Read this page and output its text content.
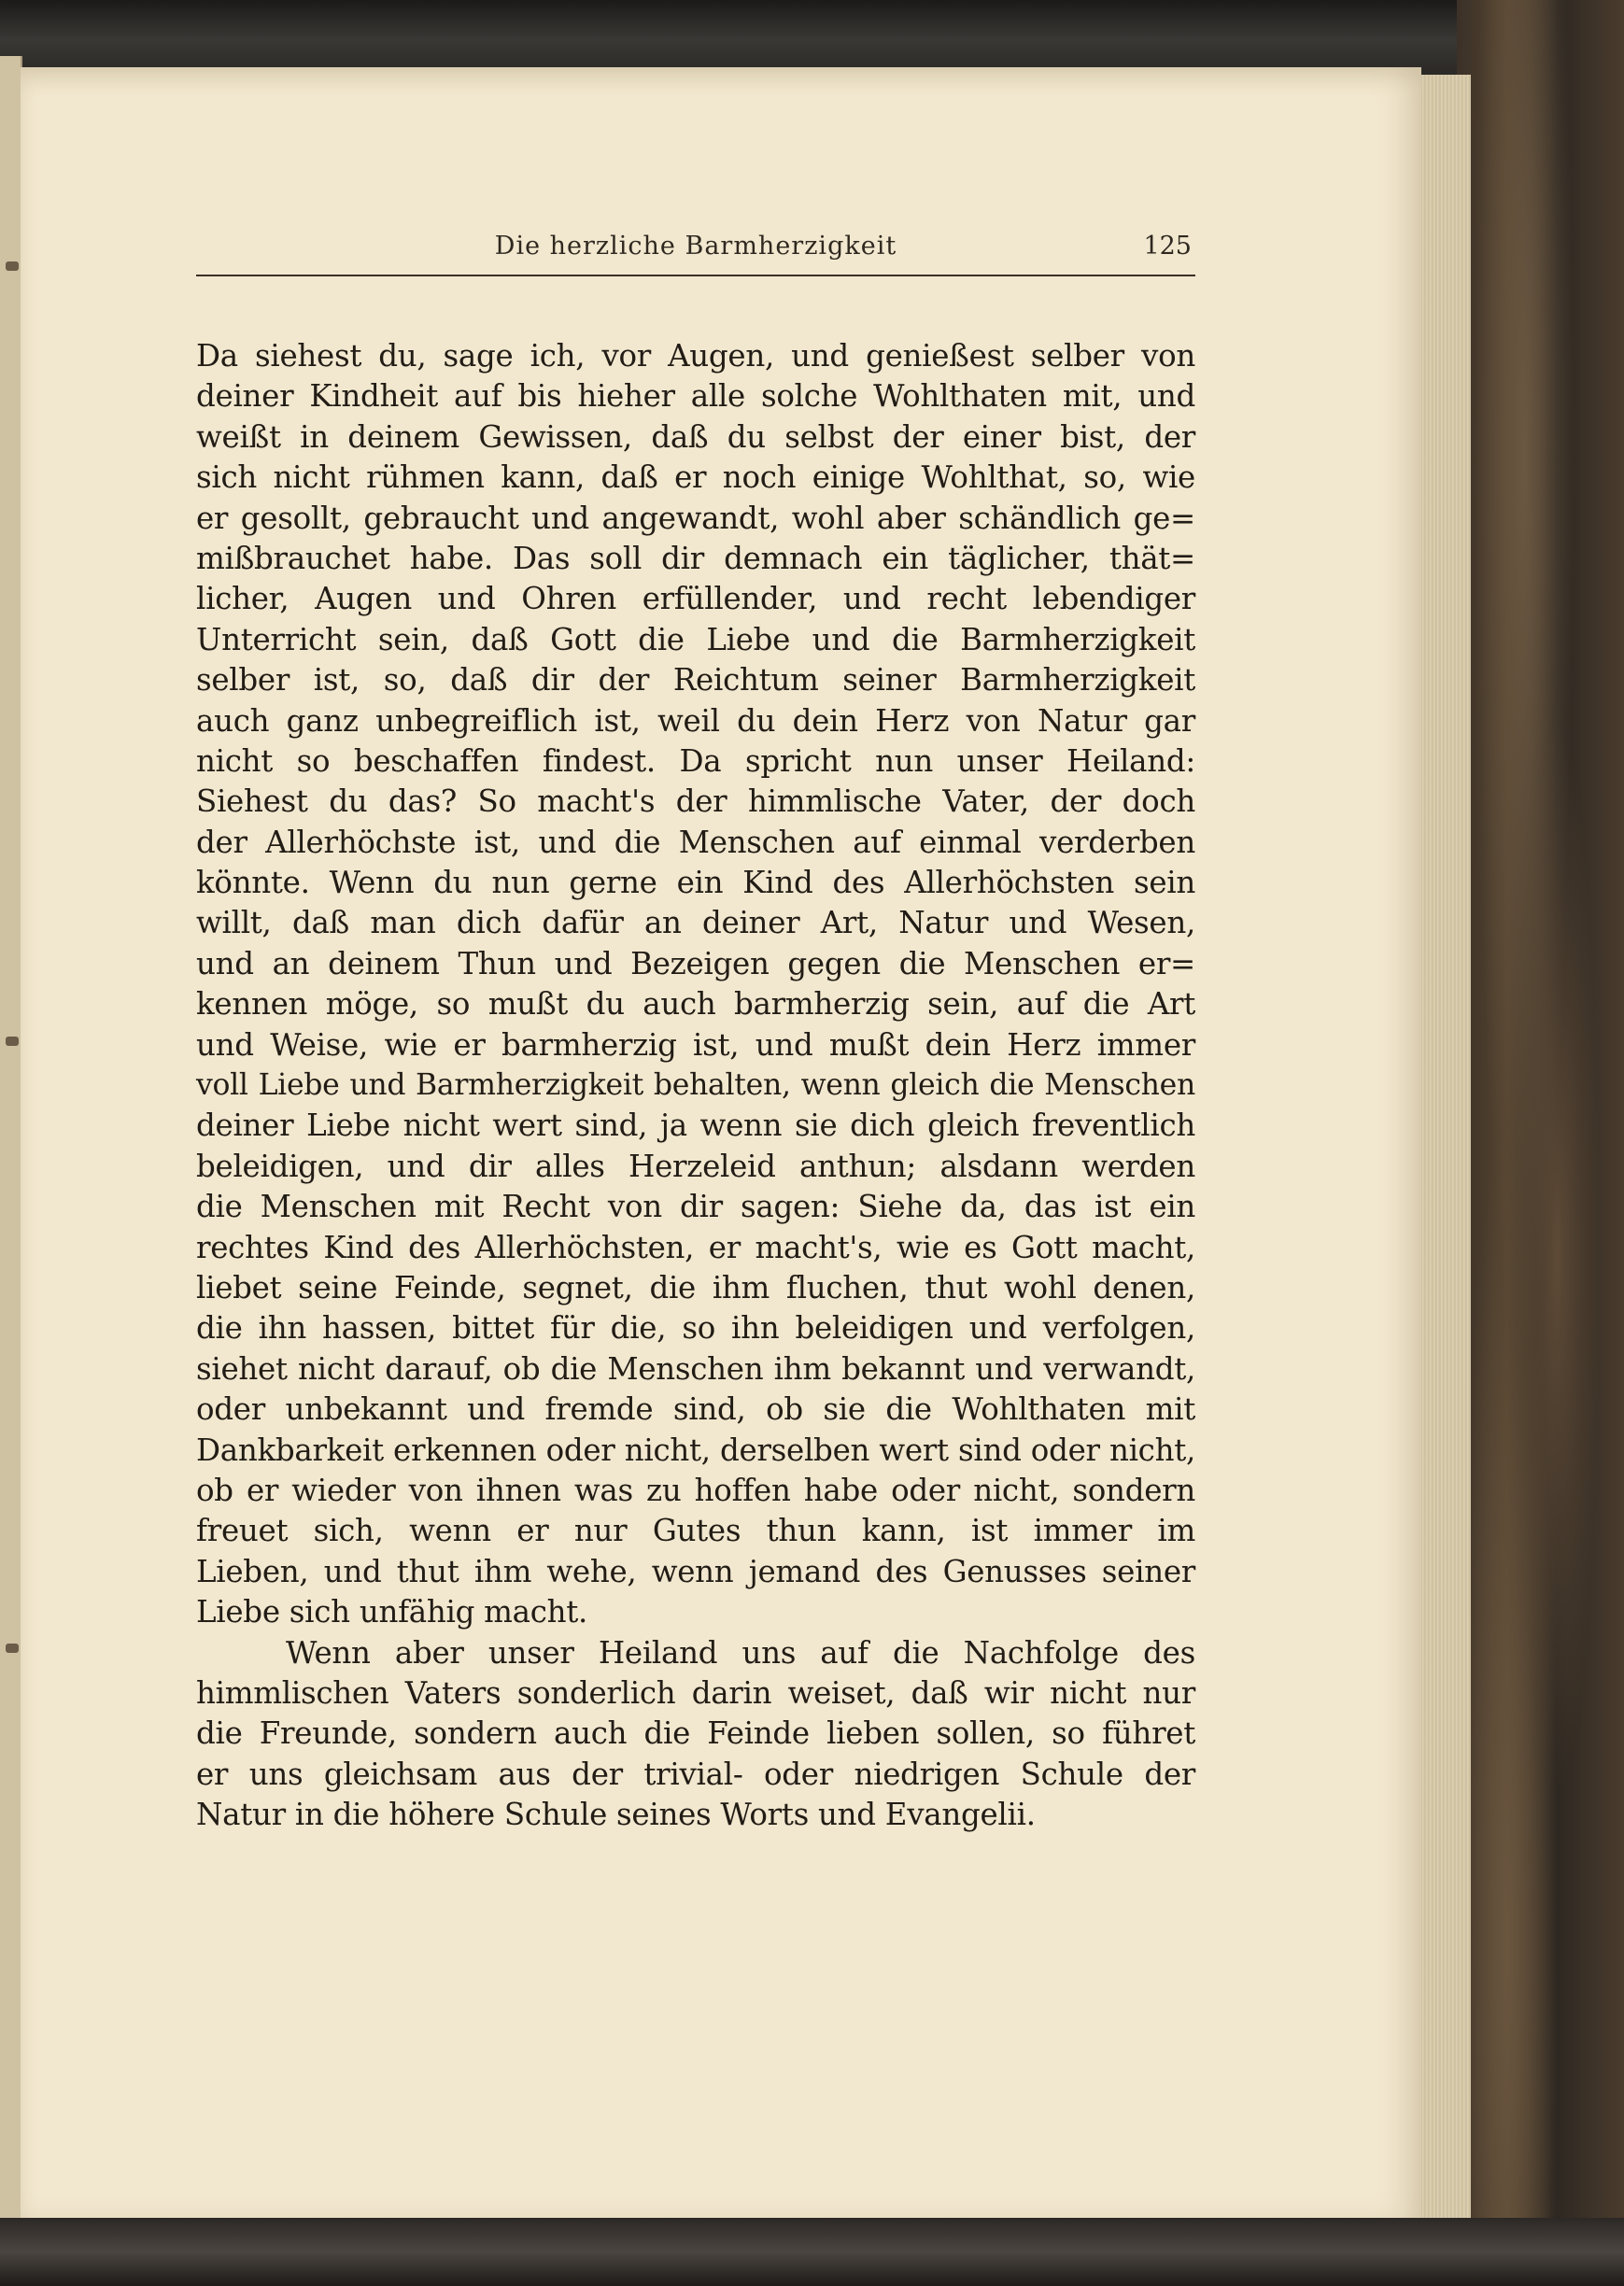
Die herzliche Barmherzigkeit	125
Da siehest du, sage ich, vor Augen, und genießest selber von
deiner Kindheit auf bis hieher alle solche Wohlthaten mit, und
weißt in deinem Gewissen, daß du selbst der einer bist, der
sich nicht rühmen kann, daß er noch einige Wohlthat, so, wie
er gesollt, gebraucht und angewandt, wohl aber schändlich ge=
mißbrauchet habe. Das soll dir demnach ein täglicher, thät=
licher, Augen und Ohren erfüllender, und recht lebendiger
Unterricht sein, daß Gott die Liebe und die Barmherzigkeit
selber ist, so, daß dir der Reichtum seiner Barmherzigkeit
auch ganz unbegreiflich ist, weil du dein Herz von Natur gar
nicht so beschaffen findest. Da spricht nun unser Heiland:
Siehest du das? So macht's der himmlische Vater, der doch
der Allerhöchste ist, und die Menschen auf einmal verderben
könnte. Wenn du nun gerne ein Kind des Allerhöchsten sein
willt, daß man dich dafür an deiner Art, Natur und Wesen,
und an deinem Thun und Bezeigen gegen die Menschen er=
kennen möge, so mußt du auch barmherzig sein, auf die Art
und Weise, wie er barmherzig ist, und mußt dein Herz immer
voll Liebe und Barmherzigkeit behalten, wenn gleich die Menschen
deiner Liebe nicht wert sind, ja wenn sie dich gleich freventlich
beleidigen, und dir alles Herzeleid anthun; alsdann werden
die Menschen mit Recht von dir sagen: Siehe da, das ist ein
rechtes Kind des Allerhöchsten, er macht's, wie es Gott macht,
liebet seine Feinde, segnet, die ihm fluchen, thut wohl denen,
die ihn hassen, bittet für die, so ihn beleidigen und verfolgen,
siehet nicht darauf, ob die Menschen ihm bekannt und verwandt,
oder unbekannt und fremde sind, ob sie die Wohlthaten mit
Dankbarkeit erkennen oder nicht, derselben wert sind oder nicht,
ob er wieder von ihnen was zu hoffen habe oder nicht, sondern
freuet sich, wenn er nur Gutes thun kann, ist immer im
Lieben, und thut ihm wehe, wenn jemand des Genusses seiner
Liebe sich unfähig macht.
Wenn aber unser Heiland uns auf die Nachfolge des
himmlischen Vaters sonderlich darin weiset, daß wir nicht nur
die Freunde, sondern auch die Feinde lieben sollen, so führet
er uns gleichsam aus der trivial- oder niedrigen Schule der
Natur in die höhere Schule seines Worts und Evangelii.
